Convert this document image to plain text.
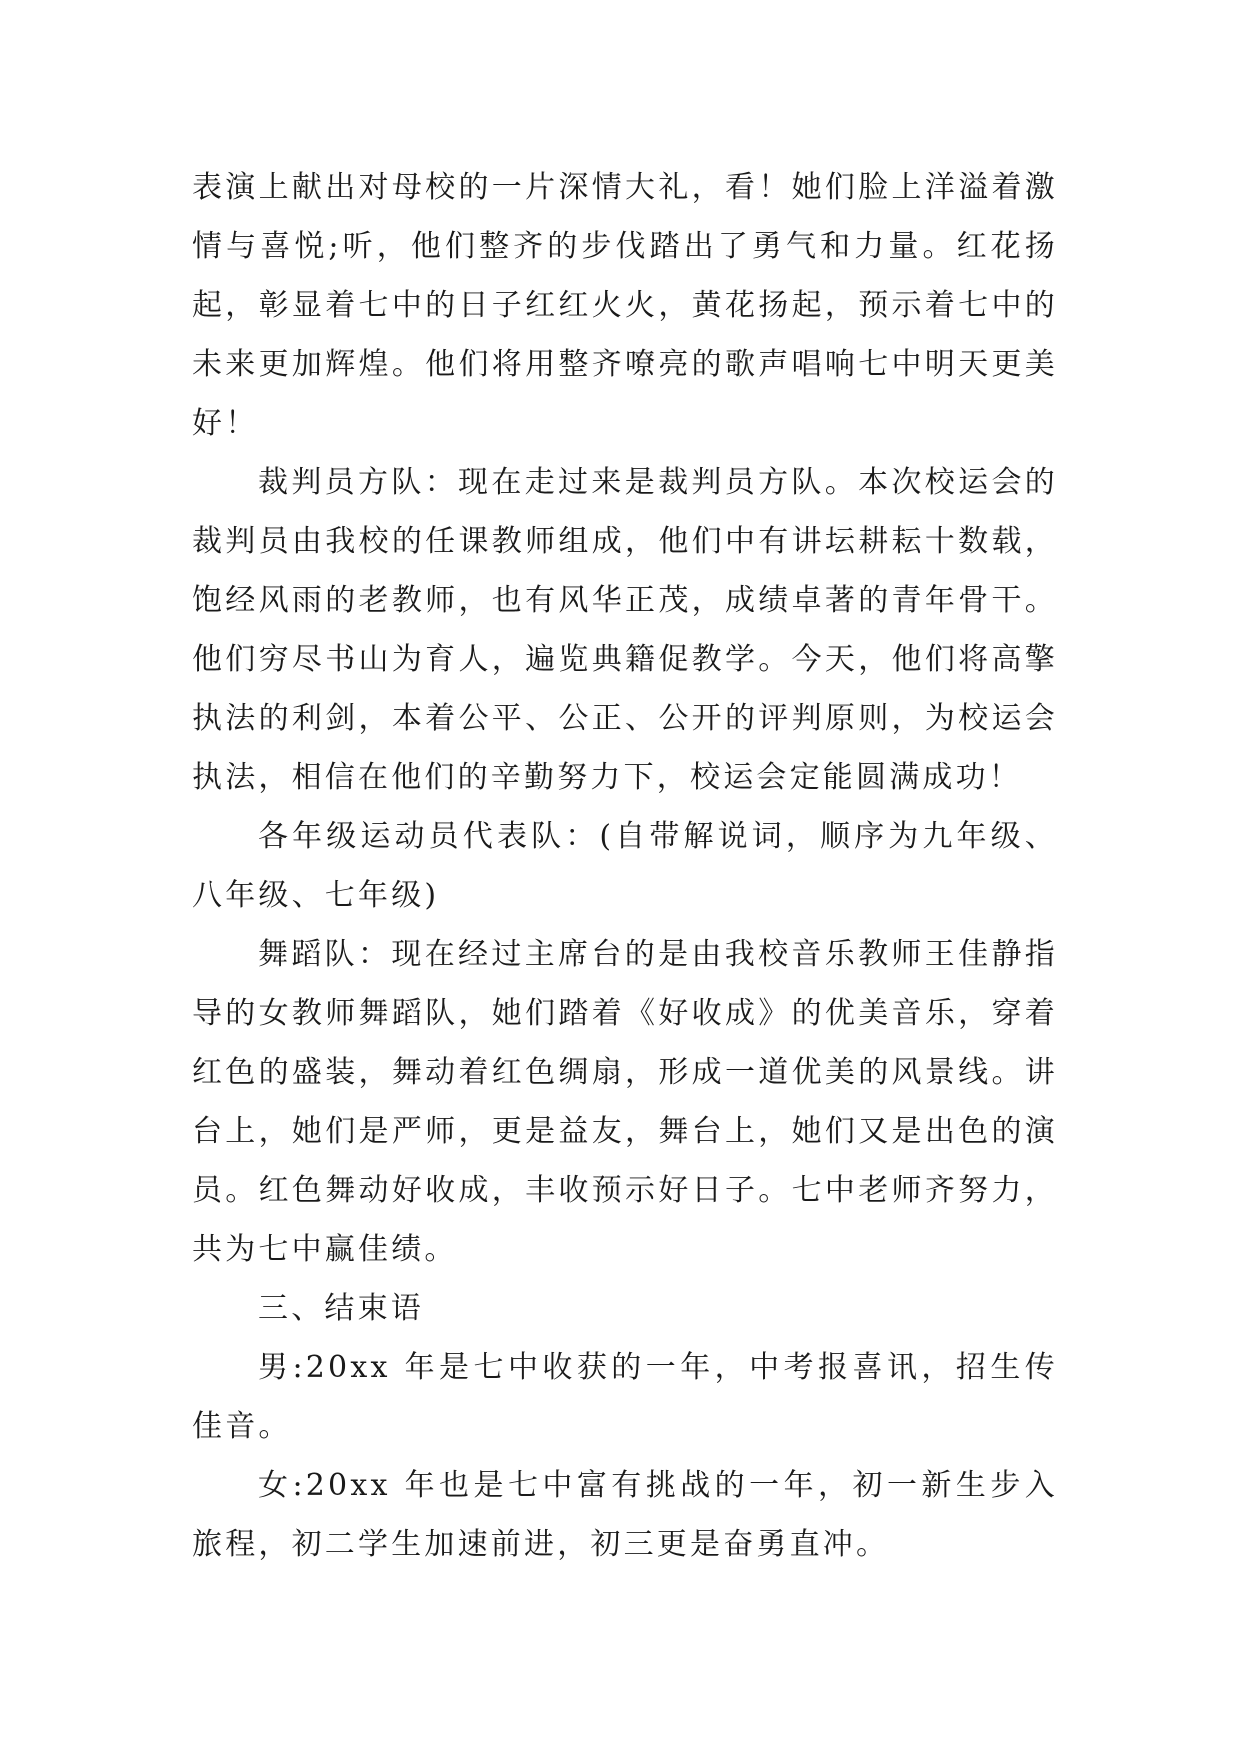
表演上献出对母校的一片深情大礼，看！她们脸上洋溢着激情与喜悦;听，他们整齐的步伐踏出了勇气和力量。红花扬起，彰显着七中的日子红红火火，黄花扬起，预示着七中的未来更加辉煌。他们将用整齐嘹亮的歌声唱响七中明天更美好！

裁判员方队：现在走过来是裁判员方队。本次校运会的裁判员由我校的任课教师组成，他们中有讲坛耕耘十数载，饱经风雨的老教师，也有风华正茂，成绩卓著的青年骨干。他们穷尽书山为育人，遍览典籍促教学。今天，他们将高擎执法的利剑，本着公平、公正、公开的评判原则，为校运会执法，相信在他们的辛勤努力下，校运会定能圆满成功！

各年级运动员代表队：(自带解说词，顺序为九年级、八年级、七年级)

舞蹈队：现在经过主席台的是由我校音乐教师王佳静指导的女教师舞蹈队，她们踏着《好收成》的优美音乐，穿着红色的盛装，舞动着红色绸扇，形成一道优美的风景线。讲台上，她们是严师，更是益友，舞台上，她们又是出色的演员。红色舞动好收成，丰收预示好日子。七中老师齐努力，共为七中赢佳绩。

三、结束语

男:20xx 年是七中收获的一年，中考报喜讯，招生传佳音。

女:20xx 年也是七中富有挑战的一年，初一新生步入旅程，初二学生加速前进，初三更是奋勇直冲。
